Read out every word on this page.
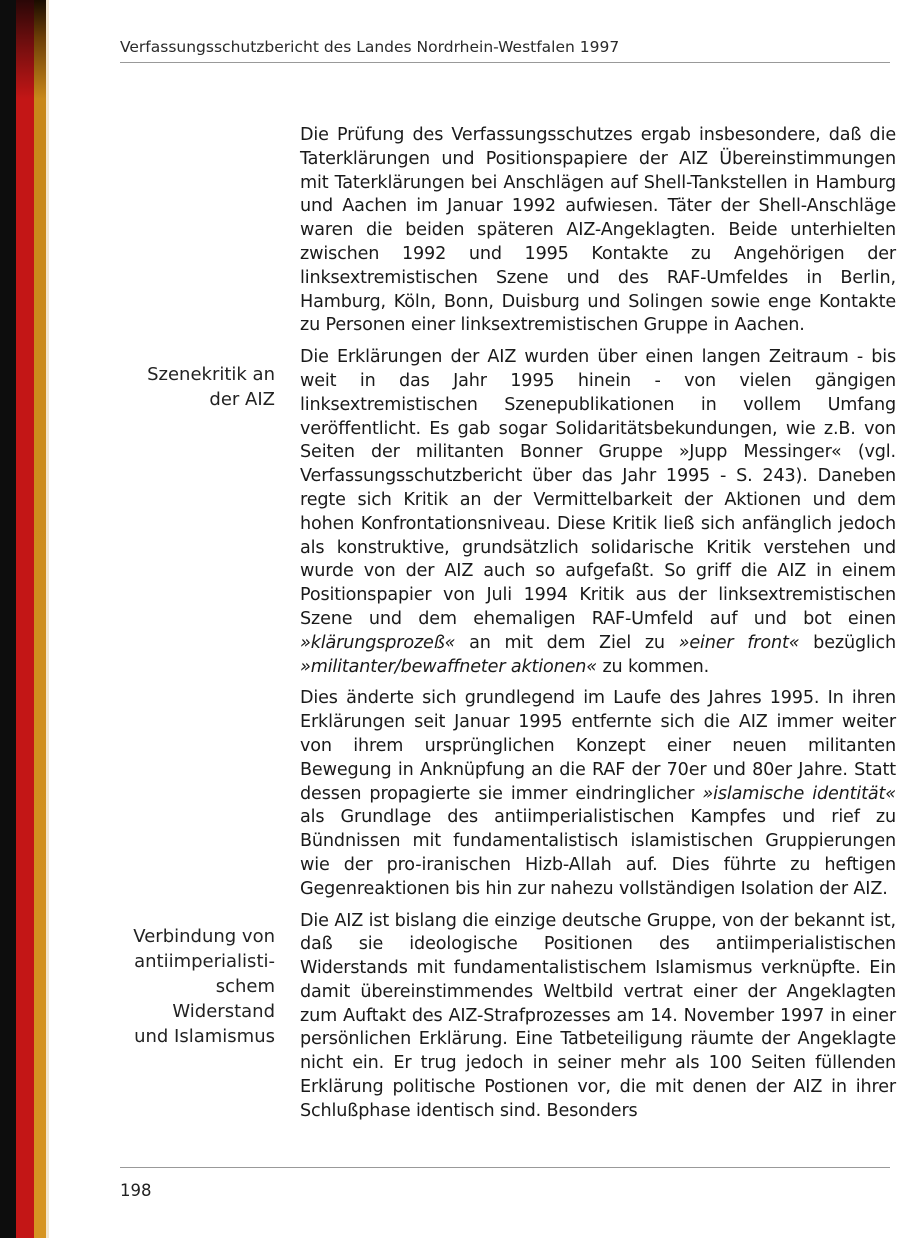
Verfassungsschutzbericht des Landes Nordrhein-Westfalen 1997
Szenekritik an
der AIZ
Verbindung von
antiimperialisti-
schem Widerstand
und Islamismus

Die Prüfung des Verfassungsschutzes ergab insbesondere, daß die Taterklärungen und Positionspapiere der AIZ Übereinstimmungen mit Taterklärungen bei Anschlägen auf Shell-Tankstellen in Hamburg und Aachen im Januar 1992 aufwiesen. Täter der Shell-Anschläge waren die beiden späteren AIZ-Angeklagten. Beide unterhielten zwischen 1992 und 1995 Kontakte zu Angehörigen der linksextremistischen Szene und des RAF-Umfeldes in Berlin, Hamburg, Köln, Bonn, Duisburg und Solingen sowie enge Kontakte zu Personen einer linksextremistischen Gruppe in Aachen.

Die Erklärungen der AIZ wurden über einen langen Zeitraum - bis weit in das Jahr 1995 hinein - von vielen gängigen linksextremistischen Szenepublikationen in vollem Umfang veröffentlicht. Es gab sogar Solidaritätsbekundungen, wie z.B. von Seiten der militanten Bonner Gruppe »Jupp Messinger« (vgl. Verfassungsschutzbericht über das Jahr 1995 - S. 243). Daneben regte sich Kritik an der Vermittelbarkeit der Aktionen und dem hohen Konfrontationsniveau. Diese Kritik ließ sich anfänglich jedoch als konstruktive, grundsätzlich solidarische Kritik verstehen und wurde von der AIZ auch so aufgefaßt. So griff die AIZ in einem Positionspapier von Juli 1994 Kritik aus der linksextremistischen Szene und dem ehemaligen RAF-Umfeld auf und bot einen »klärungsprozeß« an mit dem Ziel zu »einer front« bezüglich »militanter/bewaffneter aktionen« zu kommen.

Dies änderte sich grundlegend im Laufe des Jahres 1995. In ihren Erklärungen seit Januar 1995 entfernte sich die AIZ immer weiter von ihrem ursprünglichen Konzept einer neuen militanten Bewegung in Anknüpfung an die RAF der 70er und 80er Jahre. Statt dessen propagierte sie immer eindringlicher »islamische identität« als Grundlage des antiimperialistischen Kampfes und rief zu Bündnissen mit fundamentalistisch islamistischen Gruppierungen wie der pro-iranischen Hizb-Allah auf. Dies führte zu heftigen Gegenreaktionen bis hin zur nahezu vollständigen Isolation der AIZ.

Die AIZ ist bislang die einzige deutsche Gruppe, von der bekannt ist, daß sie ideologische Positionen des antiimperialistischen Widerstands mit fundamentalistischem Islamismus verknüpfte. Ein damit übereinstimmendes Weltbild vertrat einer der Angeklagten zum Auftakt des AIZ-Strafprozesses am 14. November 1997 in einer persönlichen Erklärung. Eine Tatbeteiligung räumte der Angeklagte nicht ein. Er trug jedoch in seiner mehr als 100 Seiten füllenden Erklärung politische Postionen vor, die mit denen der AIZ in ihrer Schlußphase identisch sind. Besonders

198
